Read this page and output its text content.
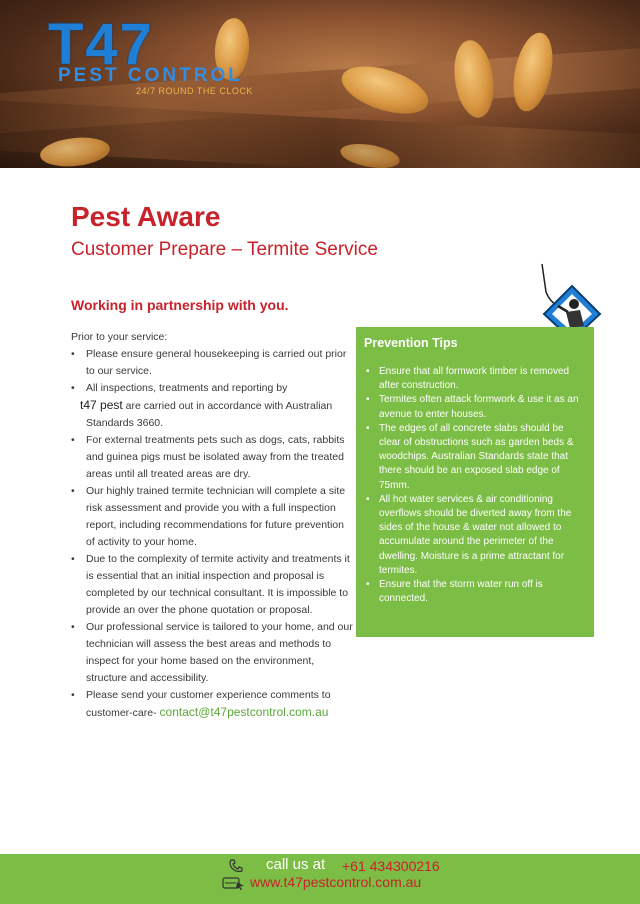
T47
PEST CONTROL
24/7 ROUND THE CLOCK
Pest Aware
Customer Prepare – Termite Service
Working in partnership with you.
Prior to your service:
• Please ensure general housekeeping is carried out prior to our service.
• All inspections, treatments and reporting by
t47 pest are carried out in accordance with Australian Standards 3660.
• For external treatments pets such as dogs, cats, rabbits and guinea pigs must be isolated away from the treated areas until all treated areas are dry.
• Our highly trained termite technician will complete a site risk assessment and provide you with a full inspection report, including recommendations for future prevention of activity to your home.
• Due to the complexity of termite activity and treatments it is essential that an initial inspection and proposal is completed by our technical consultant. It is impossible to provide an over the phone quotation or proposal.
• Our professional service is tailored to your home, and our technician will assess the best areas and methods to inspect for your home based on the environment, structure and accessibility.
• Please send your customer experience comments to customer-care- contact@t47pestcontrol.com.au
Prevention Tips
• Ensure that all formwork timber is removed after construction.
• Termites often attack formwork & use it as an avenue to enter houses.
• The edges of all concrete slabs should be clear of obstructions such as garden beds & woodchips. Australian Standards state that there should be an exposed slab edge of 75mm.
• All hot water services & air conditioning overflows should be diverted away from the sides of the house & water not allowed to accumulate around the perimeter of the dwelling. Moisture is a prime attractant for termites.
• Ensure that the storm water run off is connected.
call us at +61 434300216
www.t47pestcontrol.com.au
